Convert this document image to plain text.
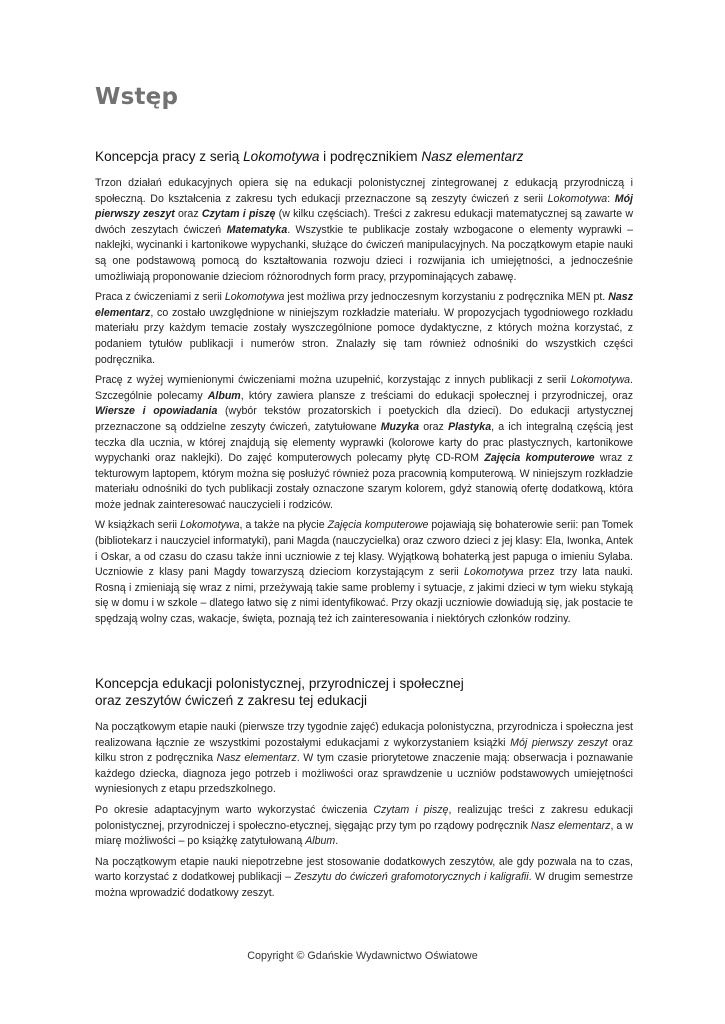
Wstęp
Koncepcja pracy z serią Lokomotywa i podręcznikiem Nasz elementarz

Trzon działań edukacyjnych opiera się na edukacji polonistycznej zintegrowanej z edukacją przyrodniczą i społeczną. Do kształcenia z zakresu tych edukacji przeznaczone są zeszyty ćwiczeń z serii Lokomotywa: Mój pierwszy zeszyt oraz Czytam i piszę (w kilku częściach). Treści z zakresu edukacji matematycznej są zawarte w dwóch zeszytach ćwiczeń Matematyka. Wszystkie te publikacje zostały wzbogacone o elementy wyprawki – naklejki, wycinanki i kartonikowe wypychanki, służące do ćwiczeń manipulacyjnych. Na początkowym etapie nauki są one podstawową pomocą do kształtowania rozwoju dzieci i rozwijania ich umiejętności, a jednocześnie umożliwiają proponowanie dzieciom różnorodnych form pracy, przypominających zabawę.

Praca z ćwiczeniami z serii Lokomotywa jest możliwa przy jednoczesnym korzystaniu z podręcznika MEN pt. Nasz elementarz, co zostało uwzględnione w niniejszym rozkładzie materiału. W propozycjach tygodniowego rozkładu materiału przy każdym temacie zostały wyszczególnione pomoce dydaktyczne, z których można korzystać, z podaniem tytułów publikacji i numerów stron. Znalazły się tam również odnośniki do wszystkich części podręcznika.

Pracę z wyżej wymienionymi ćwiczeniami można uzupełnić, korzystając z innych publikacji z serii Lokomotywa. Szczególnie polecamy Album, który zawiera plansze z treściami do edukacji społecznej i przyrodniczej, oraz Wiersze i opowiadania (wybór tekstów prozatorskich i poetyckich dla dzieci). Do edukacji artystycznej przeznaczone są oddzielne zeszyty ćwiczeń, zatytułowane Muzyka oraz Plastyka, a ich integralną częścią jest teczka dla ucznia, w której znajdują się elementy wyprawki (kolorowe karty do prac plastycznych, kartonikowe wypychanki oraz naklejki). Do zajęć komputerowych polecamy płytę CD-ROM Zajęcia komputerowe wraz z tekturowym laptopem, którym można się posłużyć również poza pracownią komputerową. W niniejszym rozkładzie materiału odnośniki do tych publikacji zostały oznaczone szarym kolorem, gdyż stanowią ofertę dodatkową, która może jednak zainteresować nauczycieli i rodziców.

W książkach serii Lokomotywa, a także na płycie Zajęcia komputerowe pojawiają się bohaterowie serii: pan Tomek (bibliotekarz i nauczyciel informatyki), pani Magda (nauczycielka) oraz czworo dzieci z jej klasy: Ela, Iwonka, Antek i Oskar, a od czasu do czasu także inni uczniowie z tej klasy. Wyjątkową bohaterką jest papuga o imieniu Sylaba. Uczniowie z klasy pani Magdy towarzyszą dzieciom korzystającym z serii Lokomotywa przez trzy lata nauki. Rosną i zmieniają się wraz z nimi, przeżywają takie same problemy i sytuacje, z jakimi dzieci w tym wieku stykają się w domu i w szkole – dlatego łatwo się z nimi identyfikować. Przy okazji uczniowie dowiadują się, jak postacie te spędzają wolny czas, wakacje, święta, poznają też ich zainteresowania i niektórych członków rodziny.

Koncepcja edukacji polonistycznej, przyrodniczej i społecznej
oraz zeszytów ćwiczeń z zakresu tej edukacji

Na początkowym etapie nauki (pierwsze trzy tygodnie zajęć) edukacja polonistyczna, przyrodnicza i społeczna jest realizowana łącznie ze wszystkimi pozostałymi edukacjami z wykorzystaniem książki Mój pierwszy zeszyt oraz kilku stron z podręcznika Nasz elementarz. W tym czasie priorytetowe znaczenie mają: obserwacja i poznawanie każdego dziecka, diagnoza jego potrzeb i możliwości oraz sprawdzenie u uczniów podstawowych umiejętności wyniesionych z etapu przedszkolnego.

Po okresie adaptacyjnym warto wykorzystać ćwiczenia Czytam i piszę, realizując treści z zakresu edukacji polonistycznej, przyrodniczej i społeczno-etycznej, sięgając przy tym po rządowy podręcznik Nasz elementarz, a w miarę możliwości – po książkę zatytułowaną Album.

Na początkowym etapie nauki niepotrzebne jest stosowanie dodatkowych zeszytów, ale gdy pozwala na to czas, warto korzystać z dodatkowej publikacji – Zeszytu do ćwiczeń grafomotorycznych i kaligrafii. W drugim semestrze można wprowadzić dodatkowy zeszyt.

Copyright © Gdańskie Wydawnictwo Oświatowe
